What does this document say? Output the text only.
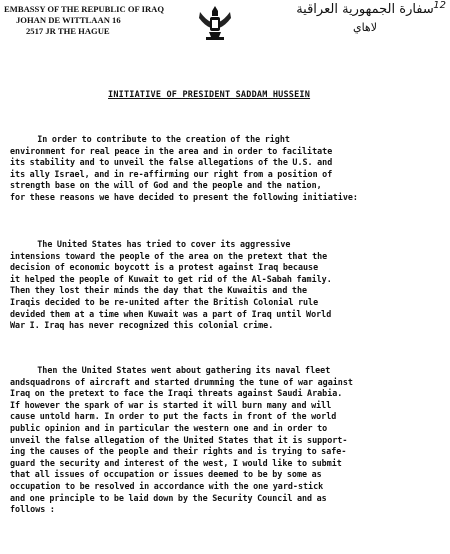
EMBASSY OF THE REPUBLIC OF IRAQ
JOHAN DE WITTLAAN 16
2517 JR THE HAGUE
سفارة الجمهورية العراقية
لاهاي
12
INITIATIVE OF PRESIDENT SADDAM HUSSEIN
In order to contribute to the creation of the right
environment for real peace in the area and in order to facilitate
its stability and to unveil the false allegations of the U.S. and
its ally Israel, and in re-affirming our right from a position of
strength base on the will of God and the people and the nation,
for these reasons we have decided to present the following initiative:
The United States has tried to cover its aggressive
intensions toward the people of the area on the pretext that the
decision of economic boycott is a protest against Iraq because
it helped the people of Kuwait to get rid of the Al-Sabah family.
Then they lost their minds the day that the Kuwaitis and the
Iraqis decided to be re-united after the British Colonial rule
devided them at a time when Kuwait was a part of Iraq until World
War I. Iraq has never recognized this colonial crime.
Then the United States went about gathering its naval fleet
andsquadrons of aircraft and started drumming the tune of war against
Iraq on the pretext to face the Iraqi threats against Saudi Arabia.
If however the spark of war is started it will burn many and will
cause untold harm. In order to put the facts in front of the world
public opinion and in particular the western one and in order to
unveil the false allegation of the United States that it is support-
ing the causes of the people and their rights and is trying to safe-
guard the security and interest of the west, I would like to submit
that all issues of occupation or issues deemed to be by some as
occupation to be resolved in accordance with the one yard-stick
and one principle to be laid down by the Security Council and as
follows :
